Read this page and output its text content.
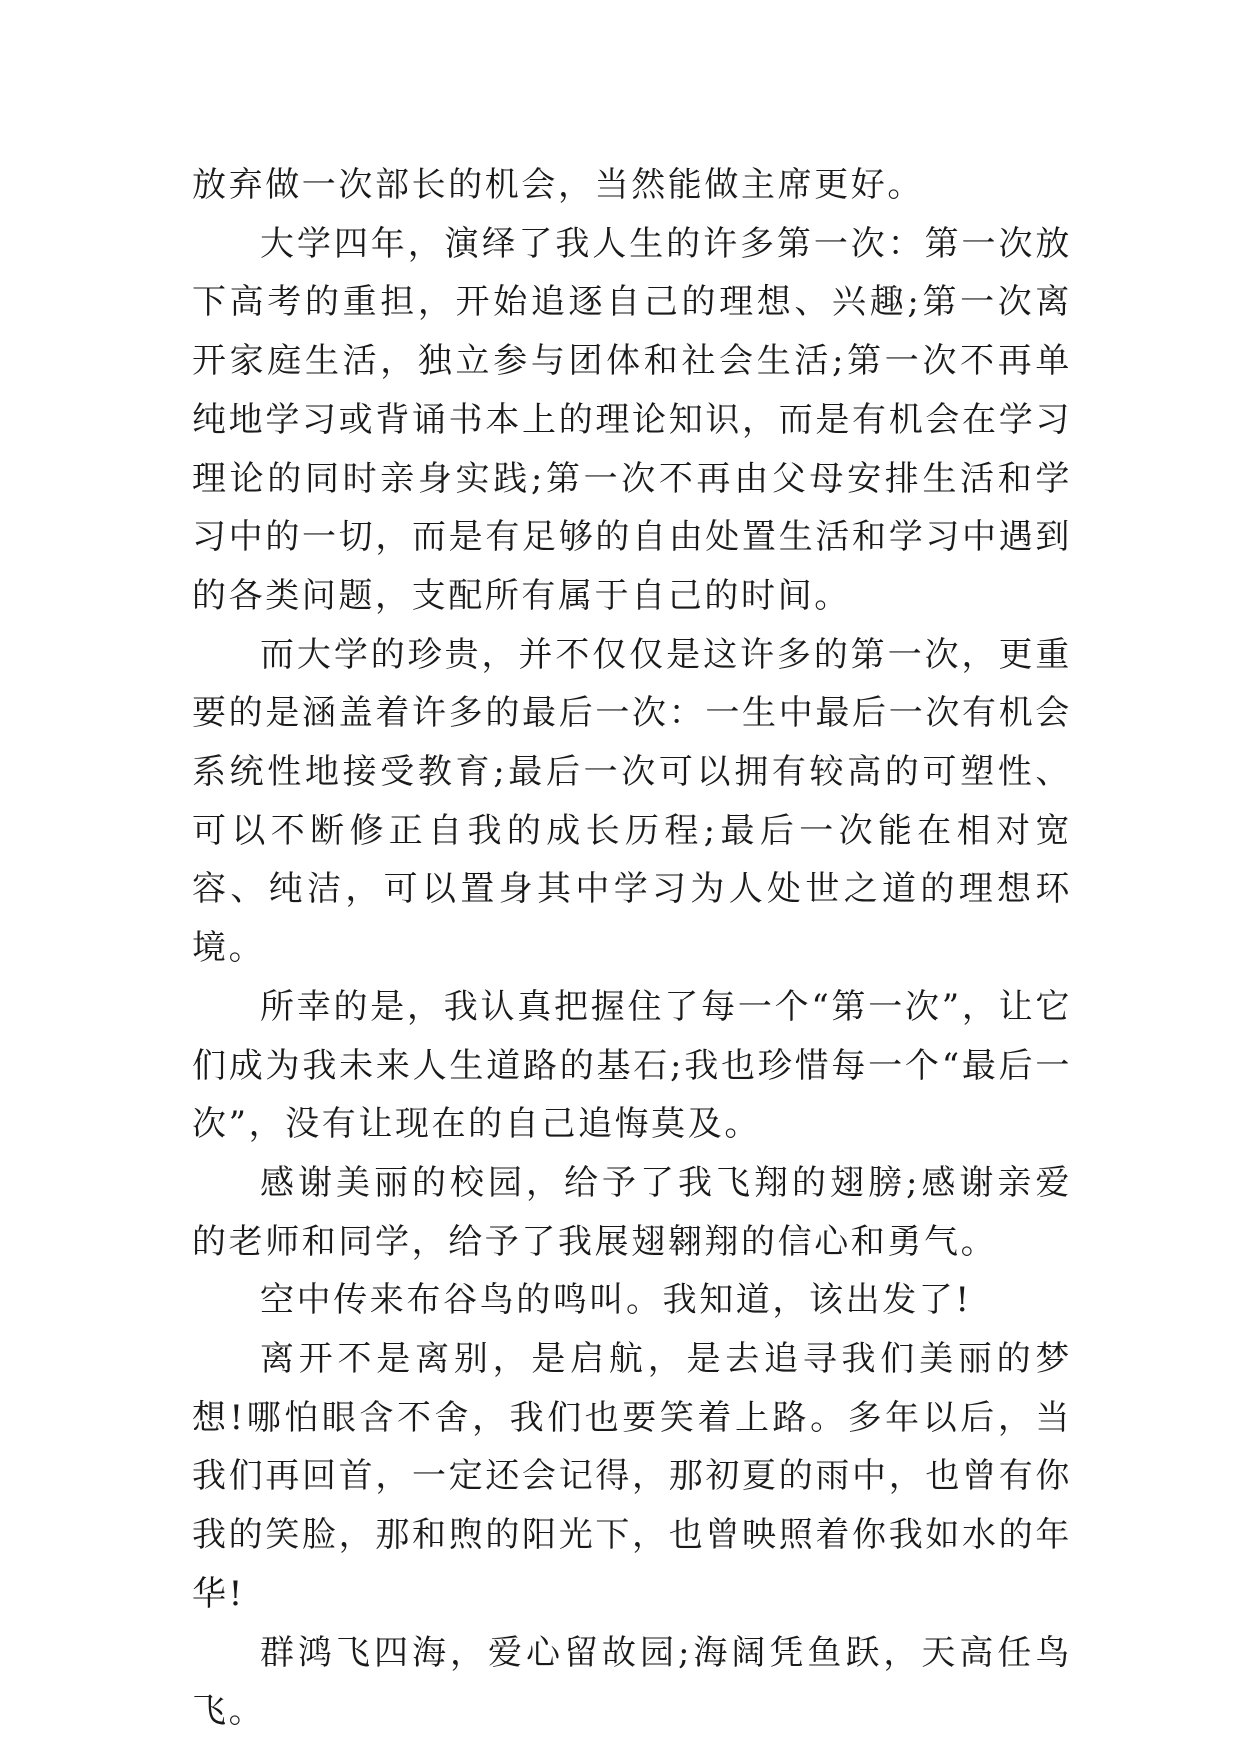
放弃做一次部长的机会，当然能做主席更好。

大学四年，演绎了我人生的许多第一次：第一次放下高考的重担，开始追逐自己的理想、兴趣;第一次离开家庭生活，独立参与团体和社会生活;第一次不再单纯地学习或背诵书本上的理论知识，而是有机会在学习理论的同时亲身实践;第一次不再由父母安排生活和学习中的一切，而是有足够的自由处置生活和学习中遇到的各类问题，支配所有属于自己的时间。

而大学的珍贵，并不仅仅是这许多的第一次，更重要的是涵盖着许多的最后一次：一生中最后一次有机会系统性地接受教育;最后一次可以拥有较高的可塑性、可以不断修正自我的成长历程;最后一次能在相对宽容、纯洁，可以置身其中学习为人处世之道的理想环境。

所幸的是，我认真把握住了每一个“第一次”，让它们成为我未来人生道路的基石;我也珍惜每一个“最后一次”，没有让现在的自己追悔莫及。

感谢美丽的校园，给予了我飞翔的翅膀;感谢亲爱的老师和同学，给予了我展翅翱翔的信心和勇气。

空中传来布谷鸟的鸣叫。我知道，该出发了!

离开不是离别，是启航，是去追寻我们美丽的梦想!哪怕眼含不舍，我们也要笑着上路。多年以后，当我们再回首，一定还会记得，那初夏的雨中，也曾有你我的笑脸，那和煦的阳光下，也曾映照着你我如水的年华!

群鸿飞四海，爱心留故园;海阔凭鱼跃，天高任鸟飞。
